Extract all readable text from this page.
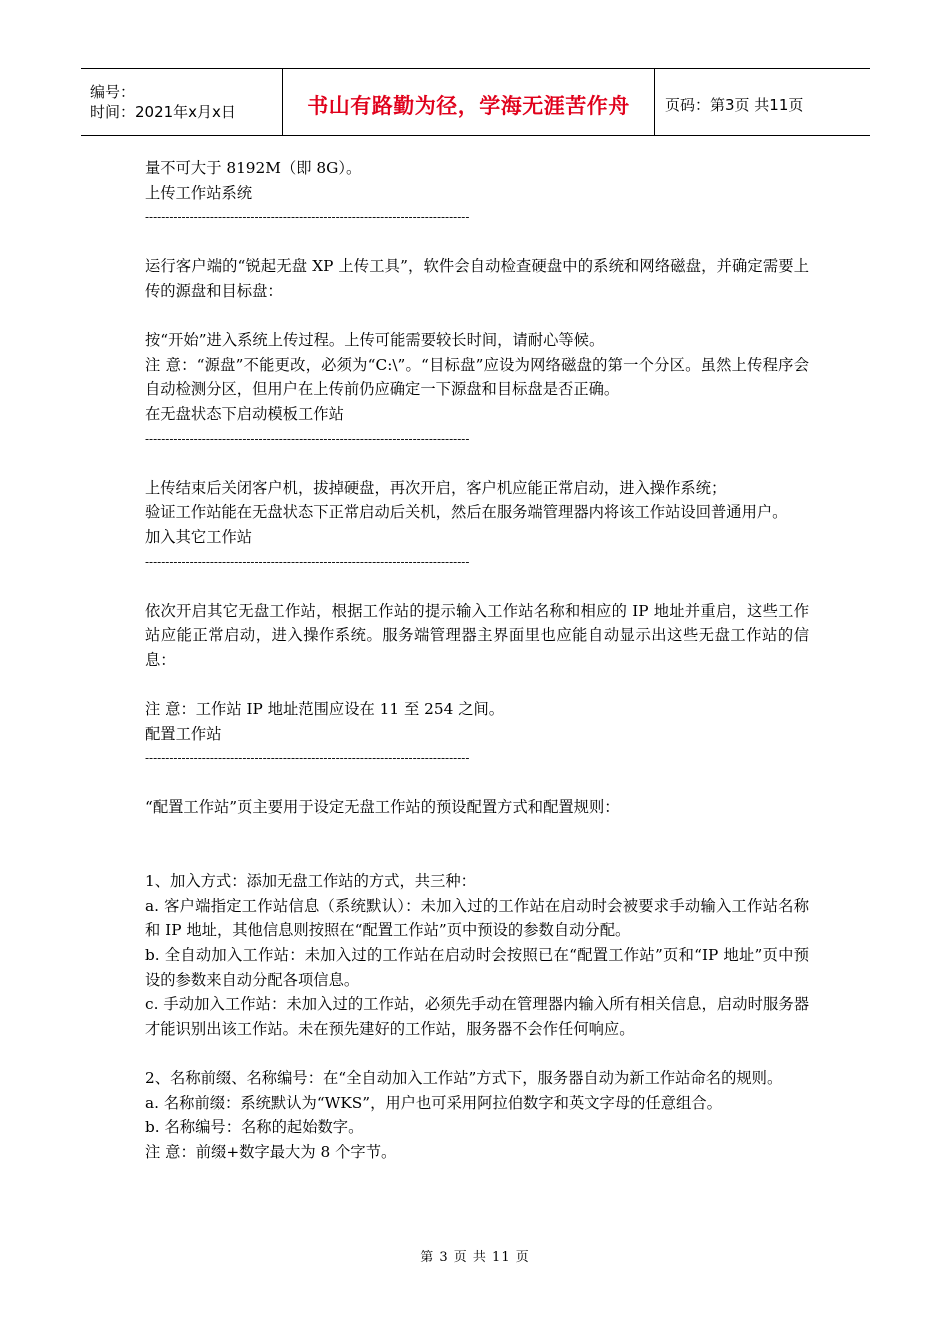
编号：
时间：2021年x月x日	书山有路勤为径，学海无涯苦作舟 页码：第3页 共11页

量不可大于 8192M（即 8G）。

上传工作站系统

--------------------------------------------------------------------------------

运行客户端的“锐起无盘 XP 上传工具”，软件会自动检查硬盘中的系统和网络磁盘，并确定需要上传的源盘和目标盘：

按“开始”进入系统上传过程。上传可能需要较长时间，请耐心等候。

注 意：“源盘”不能更改，必须为“C:\”。“目标盘”应设为网络磁盘的第一个分区。虽然上传程序会自动检测分区，但用户在上传前仍应确定一下源盘和目标盘是否正确。

在无盘状态下启动模板工作站

--------------------------------------------------------------------------------

上传结束后关闭客户机，拔掉硬盘，再次开启，客户机应能正常启动，进入操作系统；

验证工作站能在无盘状态下正常启动后关机，然后在服务端管理器内将该工作站设回普通用户。

加入其它工作站

--------------------------------------------------------------------------------

依次开启其它无盘工作站，根据工作站的提示输入工作站名称和相应的 IP 地址并重启，这些工作站应能正常启动，进入操作系统。服务端管理器主界面里也应能自动显示出这些无盘工作站的信息：

注 意：工作站 IP 地址范围应设在 11 至 254 之间。

配置工作站

--------------------------------------------------------------------------------

“配置工作站”页主要用于设定无盘工作站的预设配置方式和配置规则：

1、加入方式：添加无盘工作站的方式，共三种：

a. 客户端指定工作站信息（系统默认）：未加入过的工作站在启动时会被要求手动输入工作站名称和 IP 地址，其他信息则按照在“配置工作站”页中预设的参数自动分配。

b. 全自动加入工作站：未加入过的工作站在启动时会按照已在“配置工作站”页和“IP 地址”页中预设的参数来自动分配各项信息。

c. 手动加入工作站：未加入过的工作站，必须先手动在管理器内输入所有相关信息，启动时服务器才能识别出该工作站。未在预先建好的工作站，服务器不会作任何响应。

2、名称前缀、名称编号：在“全自动加入工作站”方式下，服务器自动为新工作站命名的规则。

a. 名称前缀：系统默认为“WKS”，用户也可采用阿拉伯数字和英文字母的任意组合。

b. 名称编号：名称的起始数字。

注 意：前缀+数字最大为 8 个字节。

第 3 页 共 11 页
